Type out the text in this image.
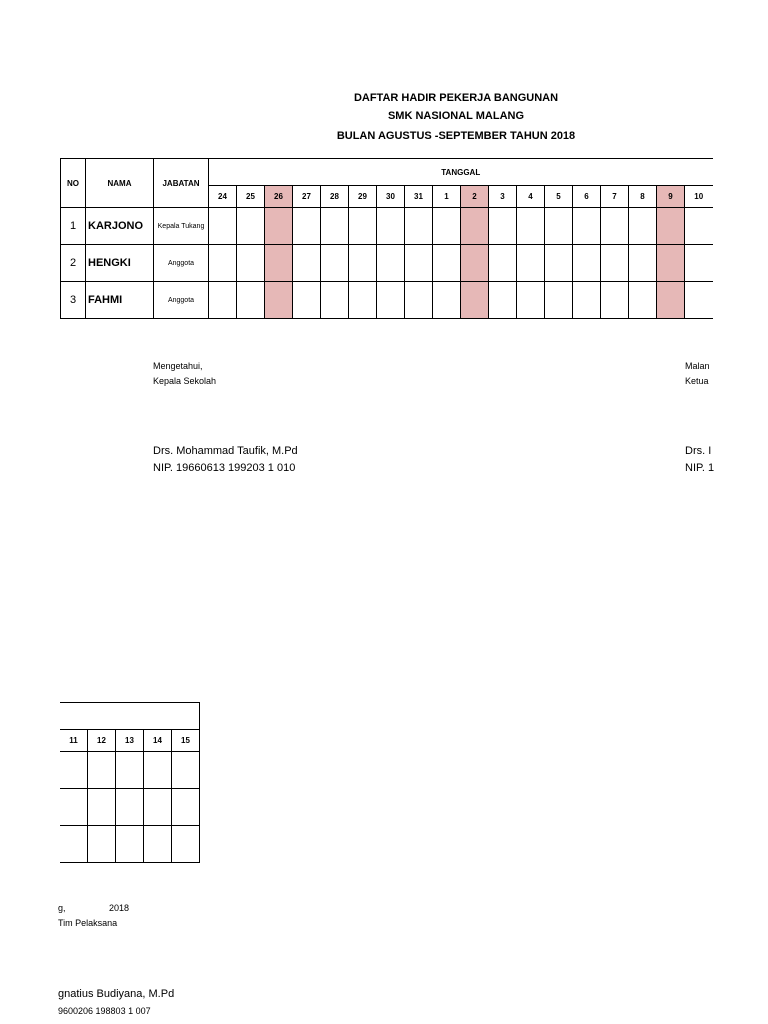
DAFTAR HADIR PEKERJA BANGUNAN
SMK NASIONAL MALANG
BULAN AGUSTUS -SEPTEMBER TAHUN 2018
NO	NAMA	JABATAN	TANGGAL																	
			24	25	26	27	28	29	30	31	1	2	3	4	5	6	7	8	9	10
1	KARJONO	Kepala Tukang																		
2	HENGKI	Anggota																		
3	FAHMI	Anggota																		
Mengetahui,
Kepala Sekolah
Drs. Mohammad Taufik, M.Pd
NIP. 19660613 199203 1 010
Malan
Ketua
Drs. I
NIP. 1

11	12	13	14	15

g,	2018
Tim Pelaksana
gnatius Budiyana, M.Pd
9600206 198803 1 007
